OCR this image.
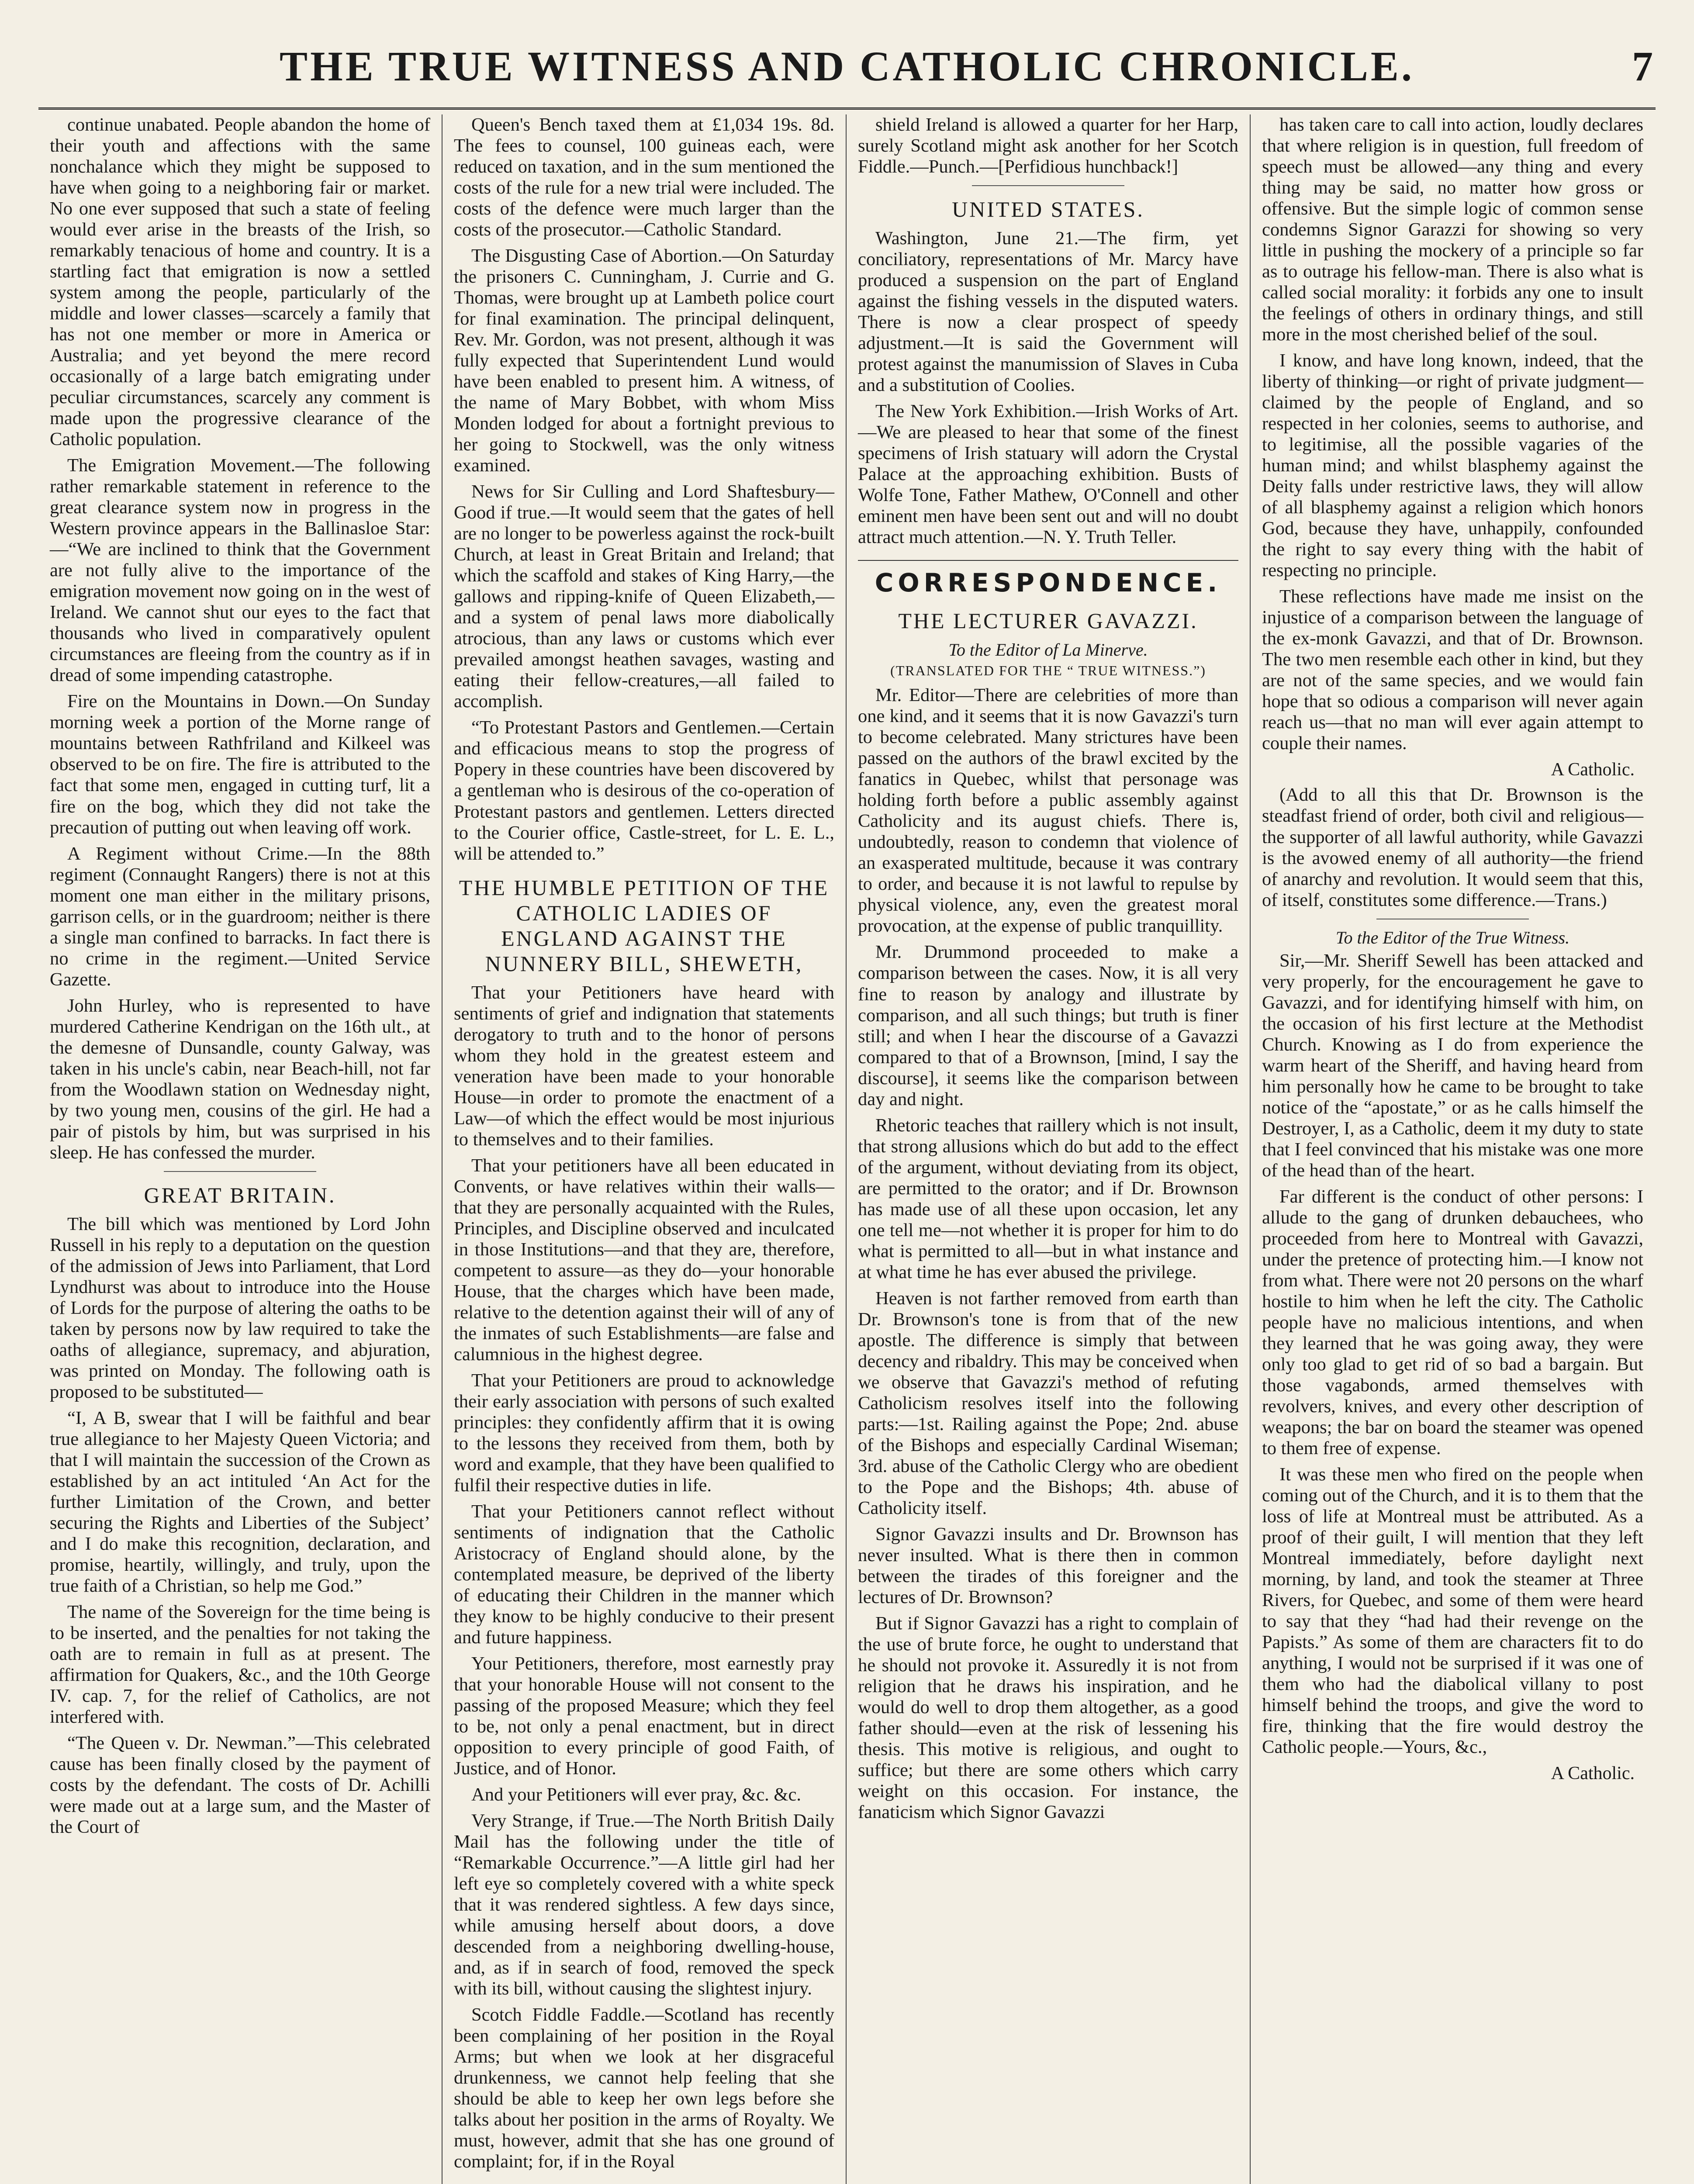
THE TRUE WITNESS AND CATHOLIC CHRONICLE.	7

continue unabated. People abandon the home of their youth and affections with the same nonchalance which they might be supposed to have when going to a neighboring fair or market. No one ever supposed that such a state of feeling would ever arise in the breasts of the Irish, so remarkably tenacious of home and country. It is a startling fact that emigration is now a settled system among the people, particularly of the middle and lower classes—scarcely a family that has not one member or more in America or Australia; and yet beyond the mere record occasionally of a large batch emigrating under peculiar circumstances, scarcely any comment is made upon the progressive clearance of the Catholic population.

The Emigration Movement.—The following rather remarkable statement in reference to the great clearance system now in progress in the Western province appears in the Ballinasloe Star:—“We are inclined to think that the Government are not fully alive to the importance of the emigration movement now going on in the west of Ireland. We cannot shut our eyes to the fact that thousands who lived in comparatively opulent circumstances are fleeing from the country as if in dread of some impending catastrophe.

Fire on the Mountains in Down.—On Sunday morning week a portion of the Morne range of mountains between Rathfriland and Kilkeel was observed to be on fire. The fire is attributed to the fact that some men, engaged in cutting turf, lit a fire on the bog, which they did not take the precaution of putting out when leaving off work.

A Regiment without Crime.—In the 88th regiment (Connaught Rangers) there is not at this moment one man either in the military prisons, garrison cells, or in the guardroom; neither is there a single man confined to barracks. In fact there is no crime in the regiment.—United Service Gazette.

John Hurley, who is represented to have murdered Catherine Kendrigan on the 16th ult., at the demesne of Dunsandle, county Galway, was taken in his uncle's cabin, near Beach-hill, not far from the Woodlawn station on Wednesday night, by two young men, cousins of the girl. He had a pair of pistols by him, but was surprised in his sleep. He has confessed the murder.

GREAT BRITAIN.

The bill which was mentioned by Lord John Russell in his reply to a deputation on the question of the admission of Jews into Parliament, that Lord Lyndhurst was about to introduce into the House of Lords for the purpose of altering the oaths to be taken by persons now by law required to take the oaths of allegiance, supremacy, and abjuration, was printed on Monday. The following oath is proposed to be substituted—

“I, A B, swear that I will be faithful and bear true allegiance to her Majesty Queen Victoria; and that I will maintain the succession of the Crown as established by an act intituled ‘An Act for the further Limitation of the Crown, and better securing the Rights and Liberties of the Subject’ and I do make this recognition, declaration, and promise, heartily, willingly, and truly, upon the true faith of a Christian, so help me God.”

The name of the Sovereign for the time being is to be inserted, and the penalties for not taking the oath are to remain in full as at present. The affirmation for Quakers, &c., and the 10th George IV. cap. 7, for the relief of Catholics, are not interfered with.

“The Queen v. Dr. Newman.”—This celebrated cause has been finally closed by the payment of costs by the defendant. The costs of Dr. Achilli were made out at a large sum, and the Master of the Court of

Queen's Bench taxed them at £1,034 19s. 8d. The fees to counsel, 100 guineas each, were reduced on taxation, and in the sum mentioned the costs of the rule for a new trial were included. The costs of the defence were much larger than the costs of the prosecutor.—Catholic Standard.

The Disgusting Case of Abortion.—On Saturday the prisoners C. Cunningham, J. Currie and G. Thomas, were brought up at Lambeth police court for final examination. The principal delinquent, Rev. Mr. Gordon, was not present, although it was fully expected that Superintendent Lund would have been enabled to present him. A witness, of the name of Mary Bobbet, with whom Miss Monden lodged for about a fortnight previous to her going to Stockwell, was the only witness examined.

News for Sir Culling and Lord Shaftesbury—Good if true.—It would seem that the gates of hell are no longer to be powerless against the rock-built Church, at least in Great Britain and Ireland; that which the scaffold and stakes of King Harry,—the gallows and ripping-knife of Queen Elizabeth,—and a system of penal laws more diabolically atrocious, than any laws or customs which ever prevailed amongst heathen savages, wasting and eating their fellow-creatures,—all failed to accomplish.

“To Protestant Pastors and Gentlemen.—Certain and efficacious means to stop the progress of Popery in these countries have been discovered by a gentleman who is desirous of the co-operation of Protestant pastors and gentlemen. Letters directed to the Courier office, Castle-street, for L. E. L., will be attended to.”

THE HUMBLE PETITION OF THE CATHOLIC LADIES OF ENGLAND AGAINST THE NUNNERY BILL, SHEWETH,

That your Petitioners have heard with sentiments of grief and indignation that statements derogatory to truth and to the honor of persons whom they hold in the greatest esteem and veneration have been made to your honorable House—in order to promote the enactment of a Law—of which the effect would be most injurious to themselves and to their families.

That your petitioners have all been educated in Convents, or have relatives within their walls—that they are personally acquainted with the Rules, Principles, and Discipline observed and inculcated in those Institutions—and that they are, therefore, competent to assure—as they do—your honorable House, that the charges which have been made, relative to the detention against their will of any of the inmates of such Establishments—are false and calumnious in the highest degree.

That your Petitioners are proud to acknowledge their early association with persons of such exalted principles: they confidently affirm that it is owing to the lessons they received from them, both by word and example, that they have been qualified to fulfil their respective duties in life.

That your Petitioners cannot reflect without sentiments of indignation that the Catholic Aristocracy of England should alone, by the contemplated measure, be deprived of the liberty of educating their Children in the manner which they know to be highly conducive to their present and future happiness.

Your Petitioners, therefore, most earnestly pray that your honorable House will not consent to the passing of the proposed Measure; which they feel to be, not only a penal enactment, but in direct opposition to every principle of good Faith, of Justice, and of Honor.

And your Petitioners will ever pray, &c. &c.

Very Strange, if True.—The North British Daily Mail has the following under the title of “Remarkable Occurrence.”—A little girl had her left eye so completely covered with a white speck that it was rendered sightless. A few days since, while amusing herself about doors, a dove descended from a neighboring dwelling-house, and, as if in search of food, removed the speck with its bill, without causing the slightest injury.

Scotch Fiddle Faddle.—Scotland has recently been complaining of her position in the Royal Arms; but when we look at her disgraceful drunkenness, we cannot help feeling that she should be able to keep her own legs before she talks about her position in the arms of Royalty. We must, however, admit that she has one ground of complaint; for, if in the Royal

shield Ireland is allowed a quarter for her Harp, surely Scotland might ask another for her Scotch Fiddle.—Punch.—[Perfidious hunchback!]

UNITED STATES.

Washington, June 21.—The firm, yet conciliatory, representations of Mr. Marcy have produced a suspension on the part of England against the fishing vessels in the disputed waters. There is now a clear prospect of speedy adjustment.—It is said the Government will protest against the manumission of Slaves in Cuba and a substitution of Coolies.

The New York Exhibition.—Irish Works of Art.—We are pleased to hear that some of the finest specimens of Irish statuary will adorn the Crystal Palace at the approaching exhibition. Busts of Wolfe Tone, Father Mathew, O'Connell and other eminent men have been sent out and will no doubt attract much attention.—N. Y. Truth Teller.

CORRESPONDENCE.
THE LECTURER GAVAZZI.
To the Editor of La Minerve.
(TRANSLATED FOR THE “ TRUE WITNESS.”)

Mr. Editor—There are celebrities of more than one kind, and it seems that it is now Gavazzi's turn to become celebrated. Many strictures have been passed on the authors of the brawl excited by the fanatics in Quebec, whilst that personage was holding forth before a public assembly against Catholicity and its august chiefs. There is, undoubtedly, reason to condemn that violence of an exasperated multitude, because it was contrary to order, and because it is not lawful to repulse by physical violence, any, even the greatest moral provocation, at the expense of public tranquillity.

Mr. Drummond proceeded to make a comparison between the cases. Now, it is all very fine to reason by analogy and illustrate by comparison, and all such things; but truth is finer still; and when I hear the discourse of a Gavazzi compared to that of a Brownson, [mind, I say the discourse], it seems like the comparison between day and night.

Rhetoric teaches that raillery which is not insult, that strong allusions which do but add to the effect of the argument, without deviating from its object, are permitted to the orator; and if Dr. Brownson has made use of all these upon occasion, let any one tell me—not whether it is proper for him to do what is permitted to all—but in what instance and at what time he has ever abused the privilege.

Heaven is not farther removed from earth than Dr. Brownson's tone is from that of the new apostle. The difference is simply that between decency and ribaldry. This may be conceived when we observe that Gavazzi's method of refuting Catholicism resolves itself into the following parts:—1st. Railing against the Pope; 2nd. abuse of the Bishops and especially Cardinal Wiseman; 3rd. abuse of the Catholic Clergy who are obedient to the Pope and the Bishops; 4th. abuse of Catholicity itself.

Signor Gavazzi insults and Dr. Brownson has never insulted. What is there then in common between the tirades of this foreigner and the lectures of Dr. Brownson?

But if Signor Gavazzi has a right to complain of the use of brute force, he ought to understand that he should not provoke it. Assuredly it is not from religion that he draws his inspiration, and he would do well to drop them altogether, as a good father should—even at the risk of lessening his thesis. This motive is religious, and ought to suffice; but there are some others which carry weight on this occasion. For instance, the fanaticism which Signor Gavazzi

has taken care to call into action, loudly declares that where religion is in question, full freedom of speech must be allowed—any thing and every thing may be said, no matter how gross or offensive. But the simple logic of common sense condemns Signor Garazzi for showing so very little in pushing the mockery of a principle so far as to outrage his fellow-man. There is also what is called social morality: it forbids any one to insult the feelings of others in ordinary things, and still more in the most cherished belief of the soul.

I know, and have long known, indeed, that the liberty of thinking—or right of private judgment—claimed by the people of England, and so respected in her colonies, seems to authorise, and to legitimise, all the possible vagaries of the human mind; and whilst blasphemy against the Deity falls under restrictive laws, they will allow of all blasphemy against a religion which honors God, because they have, unhappily, confounded the right to say every thing with the habit of respecting no principle.

These reflections have made me insist on the injustice of a comparison between the language of the ex-monk Gavazzi, and that of Dr. Brownson. The two men resemble each other in kind, but they are not of the same species, and we would fain hope that so odious a comparison will never again reach us—that no man will ever again attempt to couple their names.

A Catholic.

(Add to all this that Dr. Brownson is the steadfast friend of order, both civil and religious—the supporter of all lawful authority, while Gavazzi is the avowed enemy of all authority—the friend of anarchy and revolution. It would seem that this, of itself, constitutes some difference.—Trans.)

To the Editor of the True Witness.

Sir,—Mr. Sheriff Sewell has been attacked and very properly, for the encouragement he gave to Gavazzi, and for identifying himself with him, on the occasion of his first lecture at the Methodist Church. Knowing as I do from experience the warm heart of the Sheriff, and having heard from him personally how he came to be brought to take notice of the “apostate,” or as he calls himself the Destroyer, I, as a Catholic, deem it my duty to state that I feel convinced that his mistake was one more of the head than of the heart.

Far different is the conduct of other persons: I allude to the gang of drunken debauchees, who proceeded from here to Montreal with Gavazzi, under the pretence of protecting him.—I know not from what. There were not 20 persons on the wharf hostile to him when he left the city. The Catholic people have no malicious intentions, and when they learned that he was going away, they were only too glad to get rid of so bad a bargain. But those vagabonds, armed themselves with revolvers, knives, and every other description of weapons; the bar on board the steamer was opened to them free of expense.

It was these men who fired on the people when coming out of the Church, and it is to them that the loss of life at Montreal must be attributed. As a proof of their guilt, I will mention that they left Montreal immediately, before daylight next morning, by land, and took the steamer at Three Rivers, for Quebec, and some of them were heard to say that they “had had their revenge on the Papists.” As some of them are characters fit to do anything, I would not be surprised if it was one of them who had the diabolical villany to post himself behind the troops, and give the word to fire, thinking that the fire would destroy the Catholic people.—Yours, &c.,

A Catholic.
